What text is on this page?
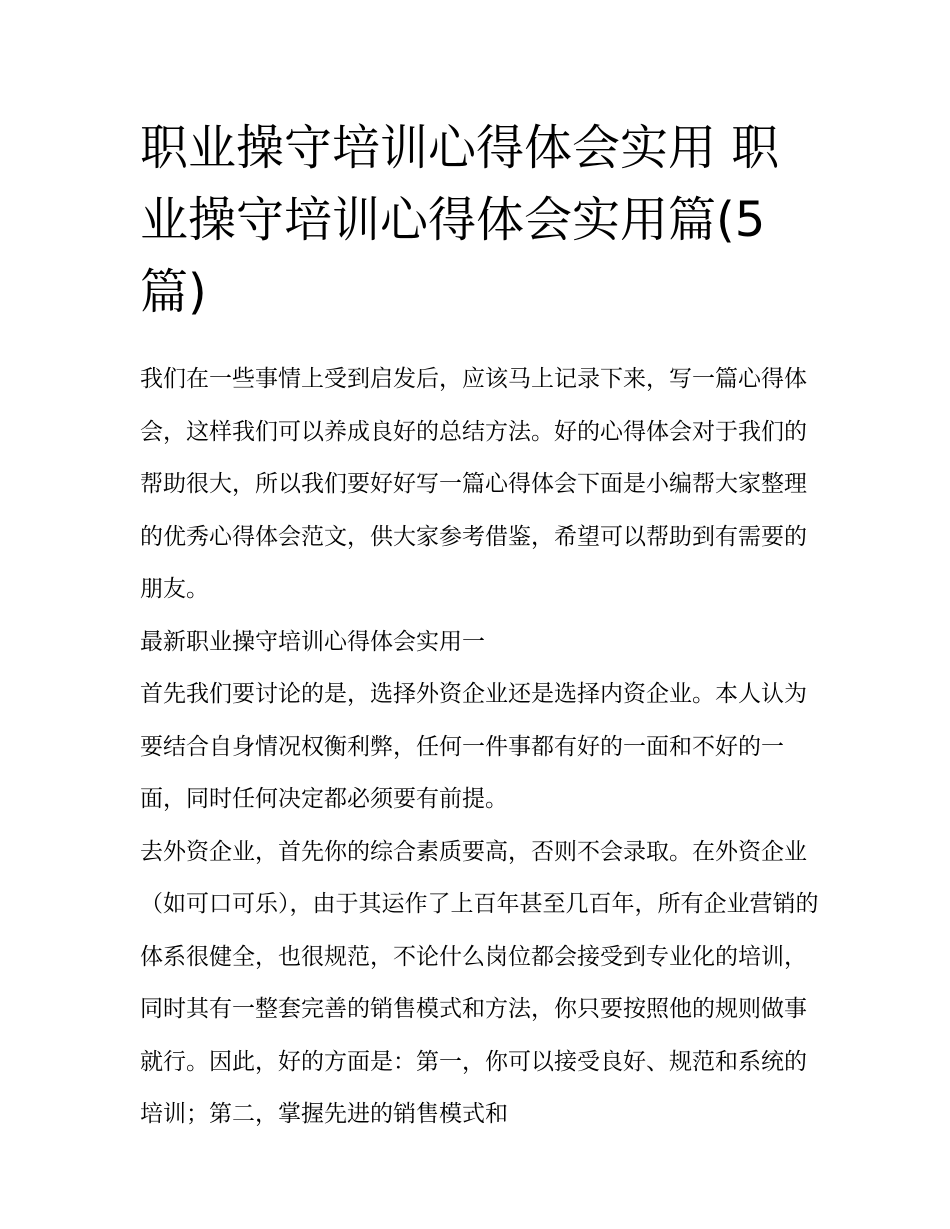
职业操守培训心得体会实用 职业操守培训心得体会实用篇(5篇)

我们在一些事情上受到启发后，应该马上记录下来，写一篇心得体会，这样我们可以养成良好的总结方法。好的心得体会对于我们的帮助很大，所以我们要好好写一篇心得体会下面是小编帮大家整理的优秀心得体会范文，供大家参考借鉴，希望可以帮助到有需要的朋友。

最新职业操守培训心得体会实用一

首先我们要讨论的是，选择外资企业还是选择内资企业。本人认为要结合自身情况权衡利弊，任何一件事都有好的一面和不好的一面，同时任何决定都必须要有前提。

去外资企业，首先你的综合素质要高，否则不会录取。在外资企业（如可口可乐），由于其运作了上百年甚至几百年，所有企业营销的体系很健全，也很规范，不论什么岗位都会接受到专业化的培训，同时其有一整套完善的销售模式和方法，你只要按照他的规则做事就行。因此，好的方面是：第一，你可以接受良好、规范和系统的培训；第二，掌握先进的销售模式和
